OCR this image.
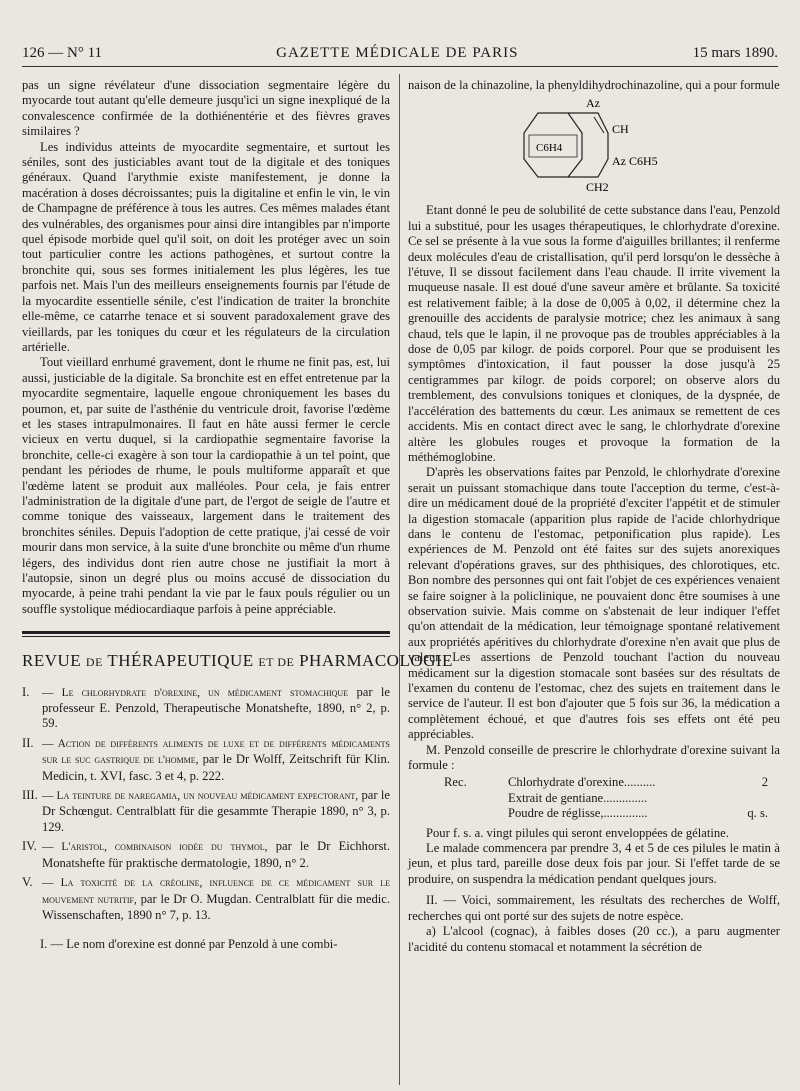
126 — N° 11	GAZETTE MÉDICALE DE PARIS	15 mars 1890.

pas un signe révélateur d'une dissociation segmentaire légère du myocarde tout autant qu'elle demeure jusqu'ici un signe inexpliqué de la convalescence confirmée de la dothiénentérie et des fièvres graves similaires ?

Les individus atteints de myocardite segmentaire, et surtout les séniles, sont des justiciables avant tout de la digitale et des toniques généraux. Quand l'arythmie existe manifestement, je donne la macération à doses décroissantes; puis la digitaline et enfin le vin, le vin de Champagne de préférence à tous les autres. Ces mêmes malades étant des vulnérables, des organismes pour ainsi dire intangibles par n'importe quel épisode morbide quel qu'il soit, on doit les protéger avec un soin tout particulier contre les actions pathogènes, et surtout contre la bronchite qui, sous ses formes initialement les plus légères, les tue parfois net. Mais l'un des meilleurs enseignements fournis par l'étude de la myocardite essentielle sénile, c'est l'indication de traiter la bronchite elle-même, ce catarrhe tenace et si souvent paradoxalement grave des vieillards, par les toniques du cœur et les régulateurs de la circulation artérielle.

Tout vieillard enrhumé gravement, dont le rhume ne finit pas, est, lui aussi, justiciable de la digitale. Sa bronchite est en effet entretenue par la myocardite segmentaire, laquelle engoue chroniquement les bases du poumon, et, par suite de l'asthénie du ventricule droit, favorise l'œdème et les stases intrapulmonaires. Il faut en hâte aussi fermer le cercle vicieux en vertu duquel, si la cardiopathie segmentaire favorise la bronchite, celle-ci exagère à son tour la cardiopathie à un tel point, que pendant les périodes de rhume, le pouls multiforme apparaît et que l'œdème latent se produit aux malléoles. Pour cela, je fais entrer l'administration de la digitale d'une part, de l'ergot de seigle de l'autre et comme tonique des vaisseaux, largement dans le traitement des bronchites séniles. Depuis l'adoption de cette pratique, j'ai cessé de voir mourir dans mon service, à la suite d'une bronchite ou même d'un rhume légers, des individus dont rien autre chose ne justifiait la mort à l'autopsie, sinon un degré plus ou moins accusé de dissociation du myocarde, à peine trahi pendant la vie par le faux pouls régulier ou un souffle systolique médiocardiaque parfois à peine appréciable.

REVUE DE THÉRAPEUTIQUE ET DE PHARMACOLOGIE

I. — Le chlorhydrate d'orexine, un médicament stomachique par le professeur E. Penzold, Therapeutische Monatshefte, 1890, n° 2, p. 59.

II. — Action de différents aliments de luxe et de différents médicaments sur le suc gastrique de l'homme, par le Dr Wolff, Zeitschrift für Klin. Medicin, t. XVI, fasc. 3 et 4, p. 222.

III. — La teinture de naregamia, un nouveau médicament expectorant, par le Dr Schœngut. Centralblatt für die gesammte Therapie 1890, n° 3, p. 129.

IV. — L'aristol, combinaison iodée du thymol, par le Dr Eichhorst. Monatshefte für praktische dermatologie, 1890, n° 2.

V. — La toxicité de la créoline, influence de ce médicament sur le mouvement nutritif, par le Dr O. Mugdan. Centralblatt für die medic. Wissenschaften, 1890 n° 7, p. 13.

I. — Le nom d'orexine est donné par Penzold à une combi-

naison de la chinazoline, la phenyldihydrochinazoline, qui a pour formule

Az
CH
C6H4
Az C6H5
CH2

Etant donné le peu de solubilité de cette substance dans l'eau, Penzold lui a substitué, pour les usages thérapeutiques, le chlorhydrate d'orexine. Ce sel se présente à la vue sous la forme d'aiguilles brillantes; il renferme deux molécules d'eau de cristallisation, qu'il perd lorsqu'on le dessèche à l'étuve, Il se dissout facilement dans l'eau chaude. Il irrite vivement la muqueuse nasale. Il est doué d'une saveur amère et brûlante. Sa toxicité est relativement faible; à la dose de 0,005 à 0,02, il détermine chez la grenouille des accidents de paralysie motrice; chez les animaux à sang chaud, tels que le lapin, il ne provoque pas de troubles appréciables à la dose de 0,05 par kilogr. de poids corporel. Pour que se produisent les symptômes d'intoxication, il faut pousser la dose jusqu'à 25 centigrammes par kilogr. de poids corporel; on observe alors du tremblement, des convulsions toniques et cloniques, de la dyspnée, de l'accélération des battements du cœur. Les animaux se remettent de ces accidents. Mis en contact direct avec le sang, le chlorhydrate d'orexine altère les globules rouges et provoque la formation de la méthémoglobine.

D'après les observations faites par Penzold, le chlorhydrate d'orexine serait un puissant stomachique dans toute l'acception du terme, c'est-à-dire un médicament doué de la propriété d'exciter l'appétit et de stimuler la digestion stomacale (apparition plus rapide de l'acide chlorhydrique dans le contenu de l'estomac, petponification plus rapide). Les expériences de M. Penzold ont été faites sur des sujets anorexiques relevant d'opérations graves, sur des phthisiques, des chlorotiques, etc. Bon nombre des personnes qui ont fait l'objet de ces expériences venaient se faire soigner à la policlinique, ne pouvaient donc être soumises à une observation suivie. Mais comme on s'abstenait de leur indiquer l'effet qu'on attendait de la médication, leur témoignage spontané relativement aux propriétés apéritives du chlorhydrate d'orexine n'en avait que plus de valeur. Les assertions de Penzold touchant l'action du nouveau médicament sur la digestion stomacale sont basées sur des résultats de l'examen du contenu de l'estomac, chez des sujets en traitement dans le service de l'auteur. Il est bon d'ajouter que 5 fois sur 36, la médication a complètement échoué, et que d'autres fois ses effets ont été peu appréciables.

M. Penzold conseille de prescrire le chlorhydrate d'orexine suivant la formule :

Rec.	Chlorhydrate d'orexine..........	2
Extrait de gentiane..............
Poudre de réglisse,..............	q. s.

Pour f. s. a. vingt pilules qui seront enveloppées de gélatine.

Le malade commencera par prendre 3, 4 et 5 de ces pilules le matin à jeun, et plus tard, pareille dose deux fois par jour. Si l'effet tarde de se produire, on suspendra la médication pendant quelques jours.

II. — Voici, sommairement, les résultats des recherches de Wolff, recherches qui ont porté sur des sujets de notre espèce.

a) L'alcool (cognac), à faibles doses (20 cc.), a paru augmenter l'acidité du contenu stomacal et notamment la sécrétion de
